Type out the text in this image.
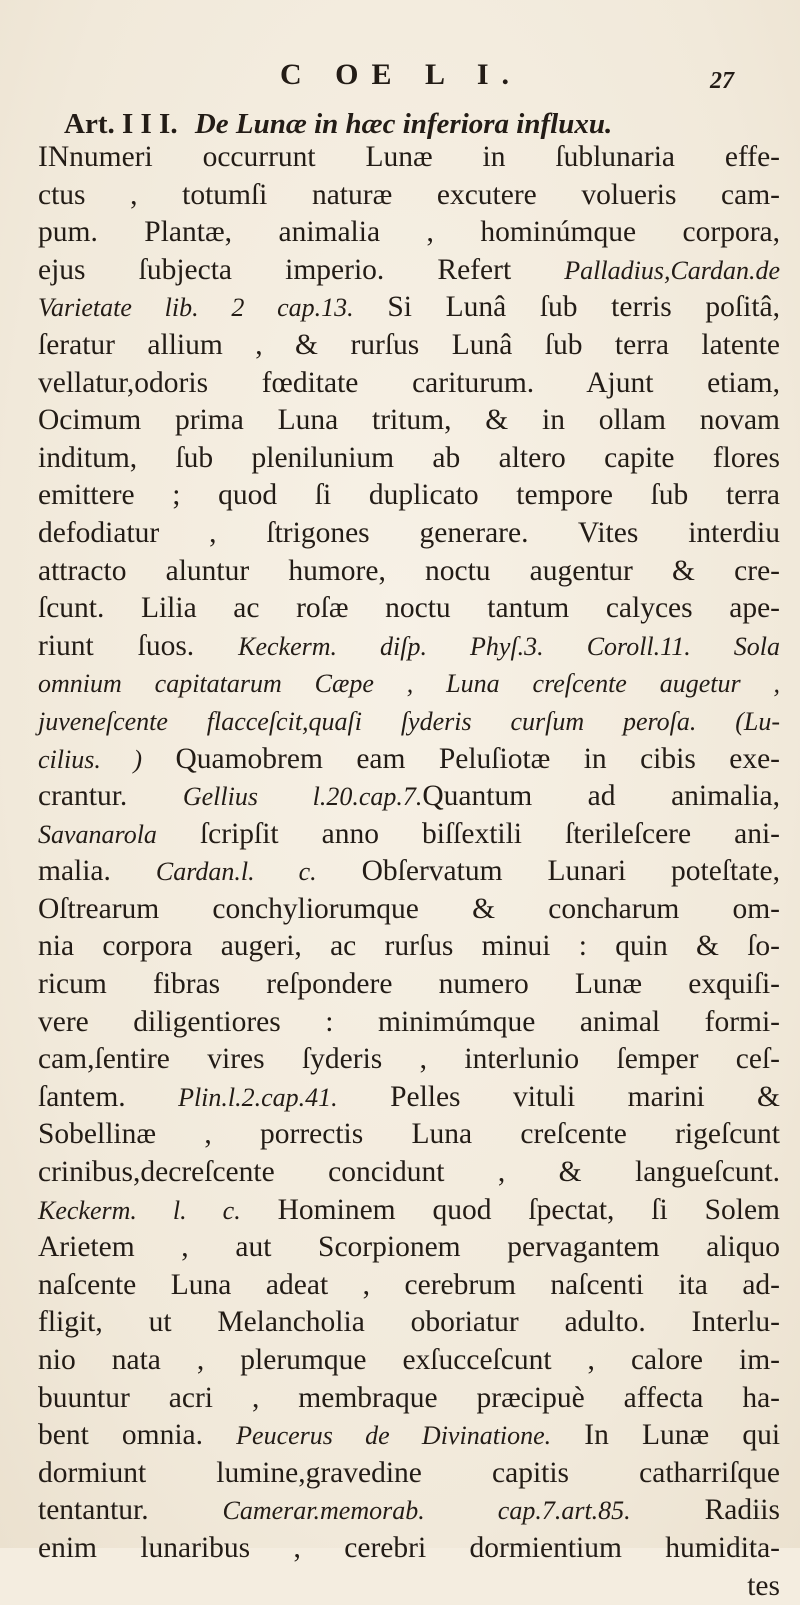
C OE L I.	27
Art. I I I. De Lunæ in hæc inferiora influxu.
INnumeri occurrunt Lunæ in ſublunaria effe-
ctus , totumſi naturæ excutere volueris cam-
pum. Plantæ, animalia , hominúmque corpora,
ejus ſubjecta imperio. Refert Palladius,Cardan.de
Varietate lib. 2 cap.13. Si Lunâ ſub terris poſitâ,
ſeratur allium , & rurſus Lunâ ſub terra latente
vellatur,odoris fœditate cariturum. Ajunt etiam,
Ocimum prima Luna tritum, & in ollam novam
inditum, ſub plenilunium ab altero capite flores
emittere ; quod ſi duplicato tempore ſub terra
defodiatur , ſtrigones generare. Vites interdiu
attracto aluntur humore, noctu augentur & cre-
ſcunt. Lilia ac roſæ noctu tantum calyces ape-
riunt ſuos. Keckerm. diſp. Phyſ.3. Coroll.11. Sola
omnium capitatarum Cæpe , Luna creſcente augetur ,
juveneſcente flacceſcit,quaſi ſyderis curſum peroſa. (Lu-
cilius. ) Quamobrem eam Peluſiotæ in cibis exe-
crantur. Gellius l.20.cap.7.Quantum ad animalia,
Savanarola ſcripſit anno biſſextili ſterileſcere ani-
malia. Cardan.l. c. Obſervatum Lunari poteſtate,
Oſtrearum conchyliorumque & concharum om-
nia corpora augeri, ac rurſus minui : quin & ſo-
ricum fibras reſpondere numero Lunæ exquiſi-
vere diligentiores : minimúmque animal formi-
cam,ſentire vires ſyderis , interlunio ſemper ceſ-
ſantem. Plin.l.2.cap.41. Pelles vituli marini &
Sobellinæ , porrectis Luna creſcente rigeſcunt
crinibus,decreſcente concidunt , & langueſcunt.
Keckerm. l. c. Hominem quod ſpectat, ſi Solem
Arietem , aut Scorpionem pervagantem aliquo
naſcente Luna adeat , cerebrum naſcenti ita ad-
fligit, ut Melancholia oboriatur adulto. Interlu-
nio nata , plerumque exſucceſcunt , calore im-
buuntur acri , membraque præcipuè affecta ha-
bent omnia. Peucerus de Divinatione. In Lunæ qui
dormiunt lumine,gravedine capitis catharriſque
tentantur. Camerar.memorab. cap.7.art.85. Radiis
enim lunaribus , cerebri dormientium humidita-
tes
